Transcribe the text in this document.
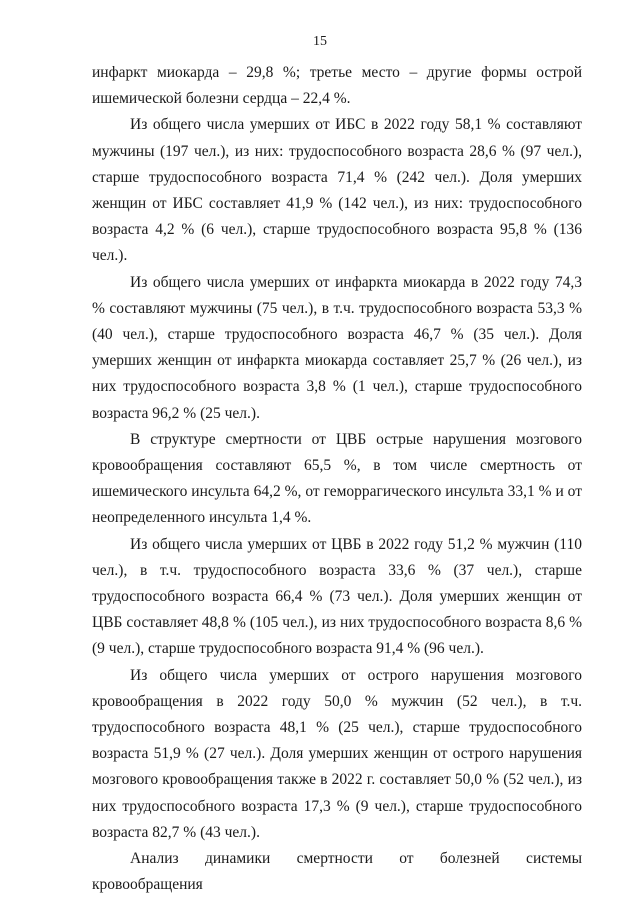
15

инфаркт миокарда – 29,8 %; третье место – другие формы острой ишемической болезни сердца – 22,4 %.

Из общего числа умерших от ИБС в 2022 году 58,1 % составляют мужчины (197 чел.), из них: трудоспособного возраста 28,6 % (97 чел.), старше трудоспособного возраста 71,4 % (242 чел.). Доля умерших женщин от ИБС составляет 41,9 % (142 чел.), из них: трудоспособного возраста 4,2 % (6 чел.), старше трудоспособного возраста 95,8 % (136 чел.).

Из общего числа умерших от инфаркта миокарда в 2022 году 74,3 % составляют мужчины (75 чел.), в т.ч. трудоспособного возраста 53,3 % (40 чел.), старше трудоспособного возраста 46,7 % (35 чел.). Доля умерших женщин от инфаркта миокарда составляет 25,7 % (26 чел.), из них трудоспособного возраста 3,8 % (1 чел.), старше трудоспособного возраста 96,2 % (25 чел.).

В структуре смертности от ЦВБ острые нарушения мозгового кровообращения составляют 65,5 %, в том числе смертность от ишемического инсульта 64,2 %, от геморрагического инсульта 33,1 % и от неопределенного инсульта 1,4 %.

Из общего числа умерших от ЦВБ в 2022 году 51,2 % мужчин (110 чел.), в т.ч. трудоспособного возраста 33,6 % (37 чел.), старше трудоспособного возраста 66,4 % (73 чел.). Доля умерших женщин от ЦВБ составляет 48,8 % (105 чел.), из них трудоспособного возраста 8,6 % (9 чел.), старше трудоспособного возраста 91,4 % (96 чел.).

Из общего числа умерших от острого нарушения мозгового кровообращения в 2022 году 50,0 % мужчин (52 чел.), в т.ч. трудоспособного возраста 48,1 % (25 чел.), старше трудоспособного возраста 51,9 % (27 чел.). Доля умерших женщин от острого нарушения мозгового кровообращения также в 2022 г. составляет 50,0 % (52 чел.), из них трудоспособного возраста 17,3 % (9 чел.), старше трудоспособного возраста 82,7 % (43 чел.).

Анализ динамики смертности от болезней системы кровообращения
